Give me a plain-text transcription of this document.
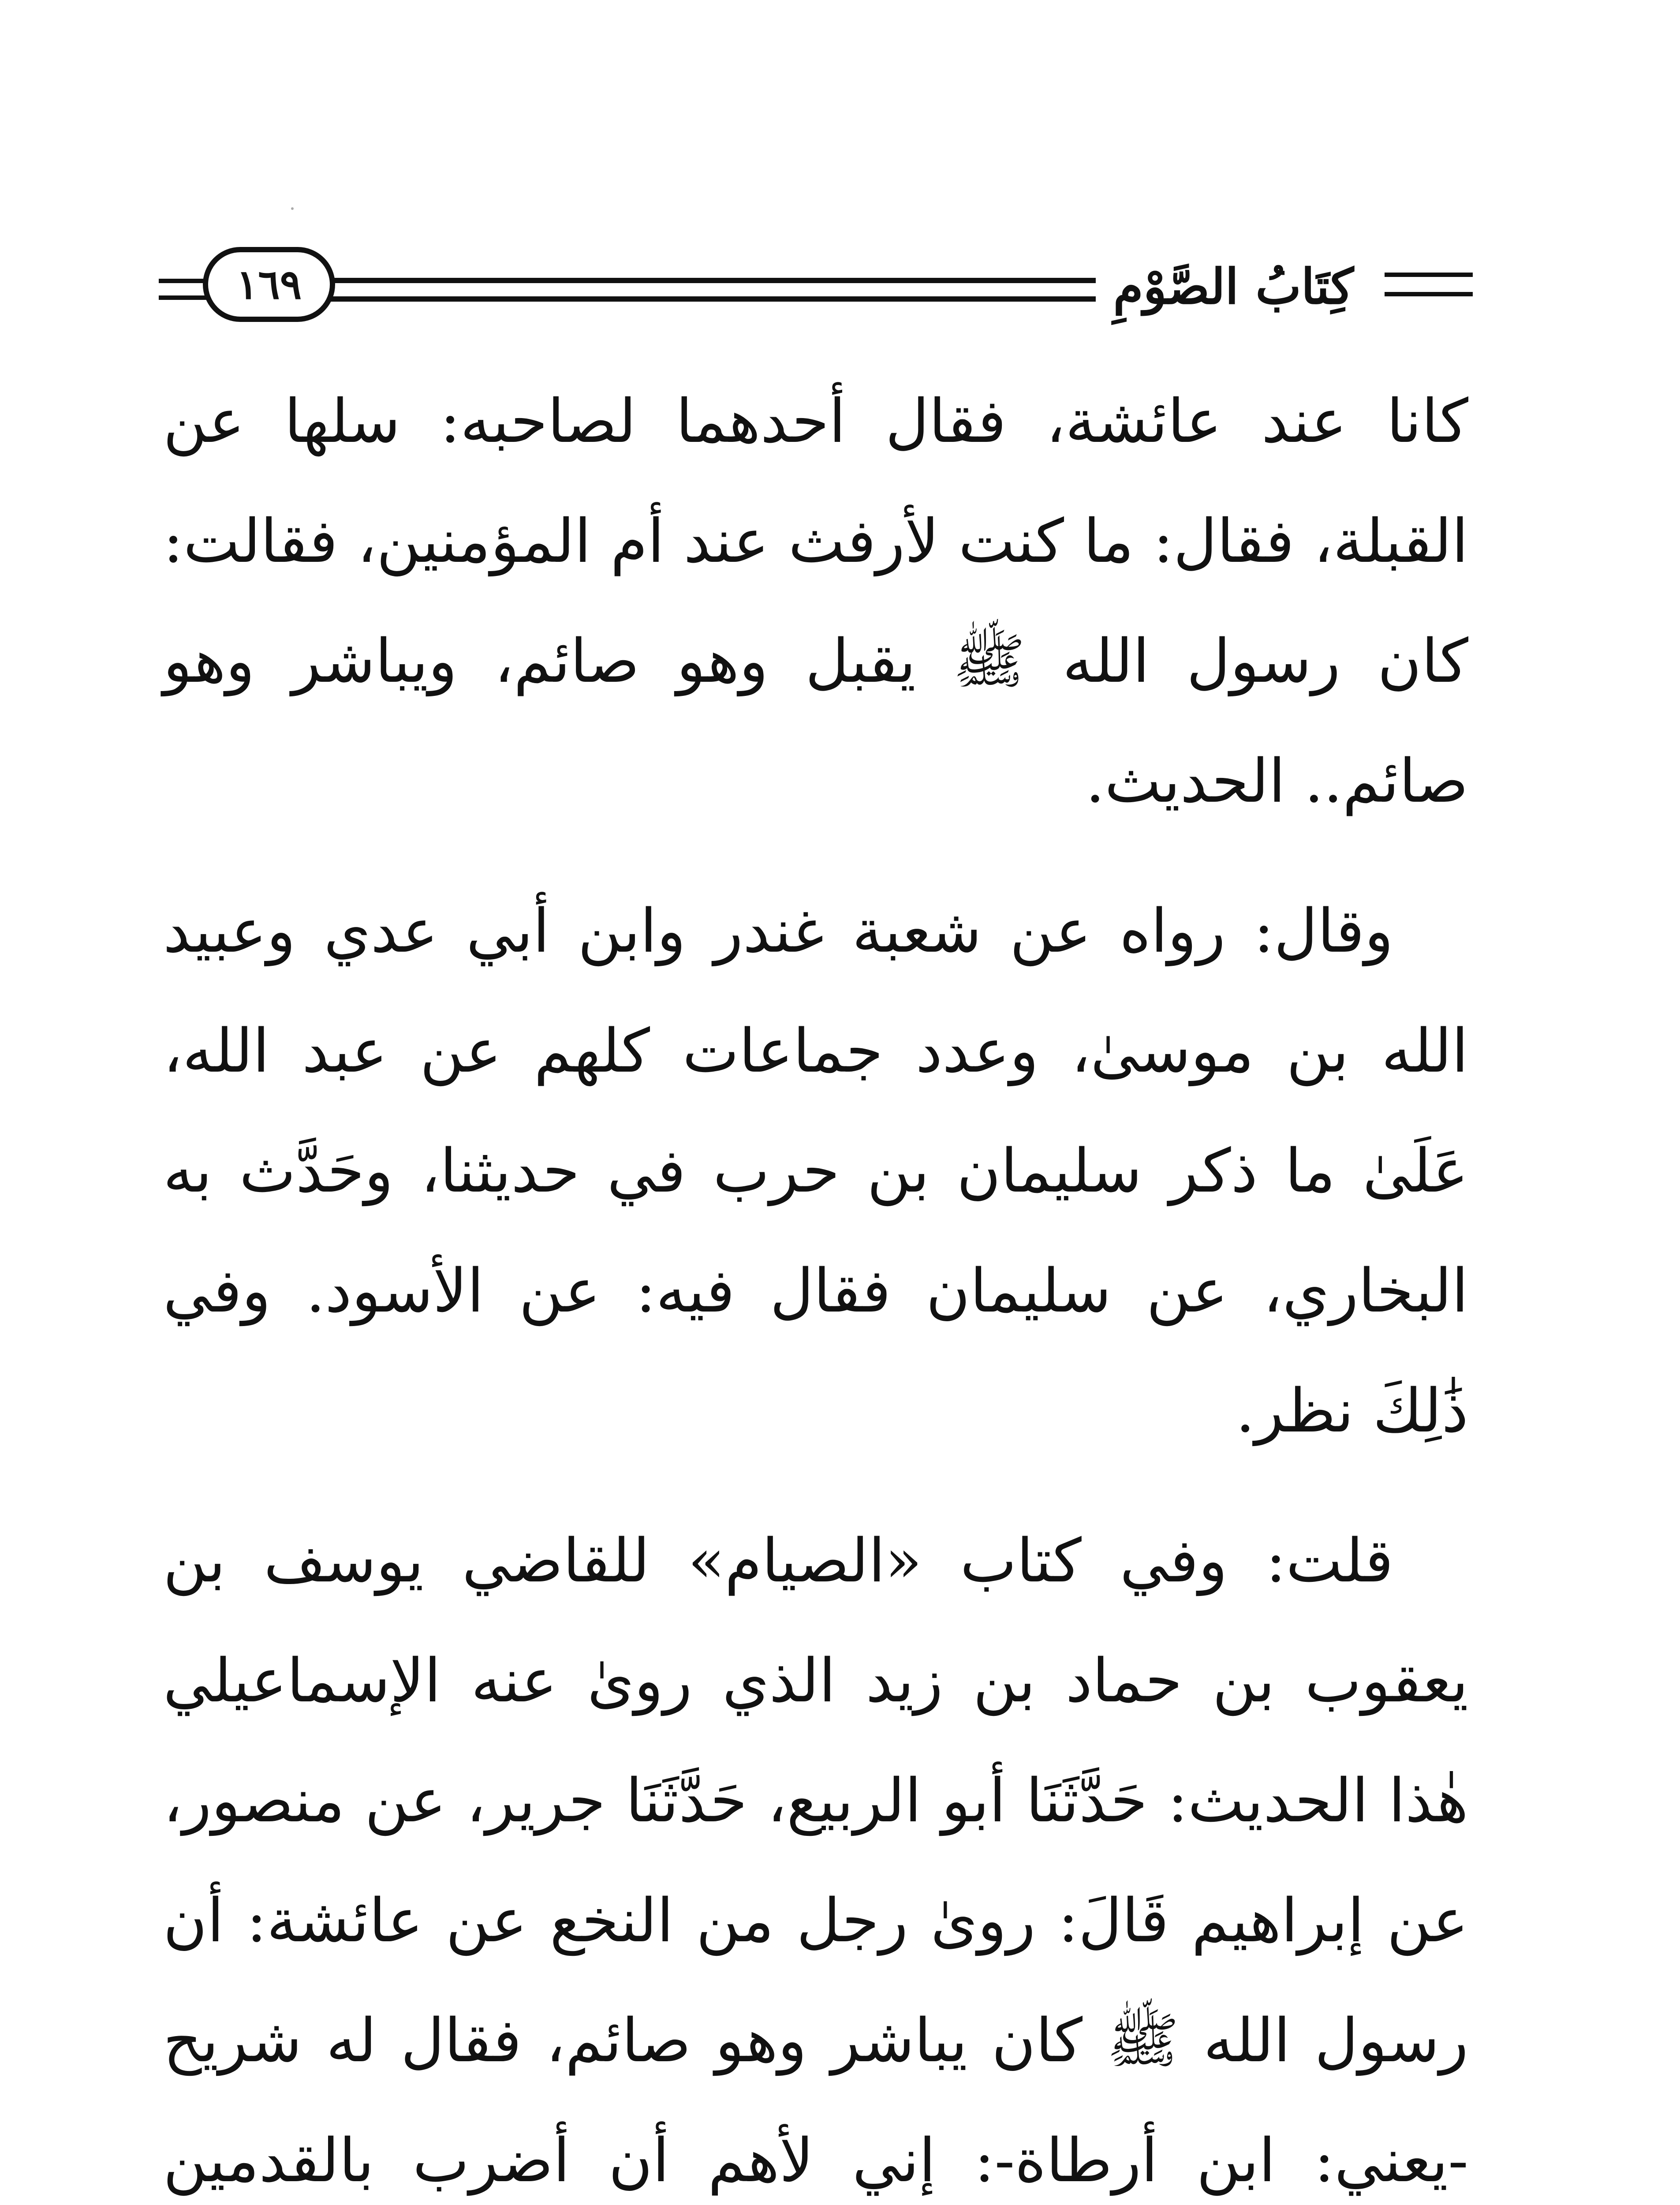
١٦٩	كِتَابُ الصَّوْمِ

كانا عند عائشة، فقال أحدهما لصاحبه: سلها عن القبلة، فقال: ما كنت لأرفث عند أم المؤمنين، فقالت: كان رسول الله ﷺ يقبل وهو صائم، ويباشر وهو صائم.. الحديث.

وقال: رواه عن شعبة غندر وابن أبي عدي وعبيد الله بن موسىٰ، وعدد جماعات كلهم عن عبد الله، عَلَىٰ ما ذكر سليمان بن حرب في حديثنا، وحَدَّث به البخاري، عن سليمان فقال فيه: عن الأسود. وفي ذَٰلِكَ نظر.

قلت: وفي كتاب «الصيام» للقاضي يوسف بن يعقوب بن حماد بن زيد الذي روىٰ عنه الإسماعيلي هٰذا الحديث: حَدَّثَنَا أبو الربيع، حَدَّثَنَا جرير، عن منصور، عن إبراهيم قَالَ: روىٰ رجل من النخع عن عائشة: أن رسول الله ﷺ كان يباشر وهو صائم، فقال له شريح -يعني: ابن أرطاة-: إني لأهم أن أضرب بالقدمين
